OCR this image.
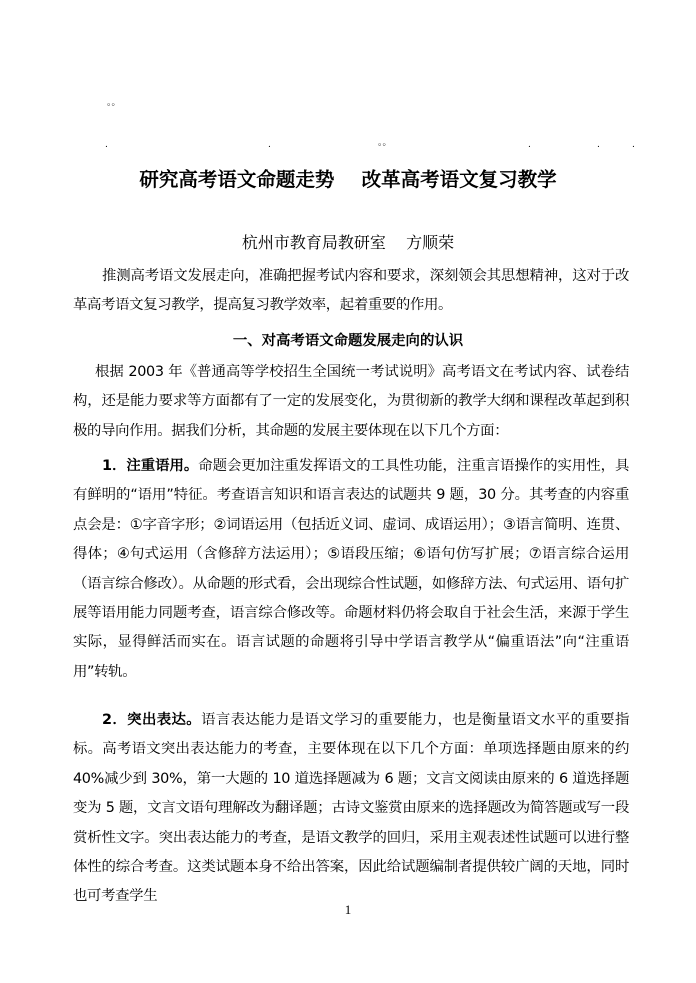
。。
.	.	。。	.	.	.
研究高考语文命题走势    改革高考语文复习教学
杭州市教育局教研室    方顺荣
推测高考语文发展走向，准确把握考试内容和要求，深刻领会其思想精神，这对于改革高考语文复习教学，提高复习教学效率，起着重要的作用。
一、对高考语文命题发展走向的认识
根据 2003 年《普通高等学校招生全国统一考试说明》高考语文在考试内容、试卷结构，还是能力要求等方面都有了一定的发展变化，为贯彻新的教学大纲和课程改革起到积极的导向作用。据我们分析，其命题的发展主要体现在以下几个方面：
1．注重语用。命题会更加注重发挥语文的工具性功能，注重言语操作的实用性，具有鲜明的“语用”特征。考查语言知识和语言表达的试题共 9 题，30 分。其考查的内容重点会是：①字音字形；②词语运用（包括近义词、虚词、成语运用）；③语言简明、连贯、得体；④句式运用（含修辞方法运用）；⑤语段压缩；⑥语句仿写扩展；⑦语言综合运用（语言综合修改）。从命题的形式看，会出现综合性试题，如修辞方法、句式运用、语句扩展等语用能力同题考查，语言综合修改等。命题材料仍将会取自于社会生活，来源于学生实际，显得鲜活而实在。语言试题的命题将引导中学语言教学从“偏重语法”向“注重语用”转轨。
2．突出表达。语言表达能力是语文学习的重要能力，也是衡量语文水平的重要指标。高考语文突出表达能力的考查，主要体现在以下几个方面：单项选择题由原来的约 40%减少到 30%，第一大题的 10 道选择题减为 6 题；文言文阅读由原来的 6 道选择题变为 5 题，文言文语句理解改为翻译题；古诗文鉴赏由原来的选择题改为简答题或写一段赏析性文字。突出表达能力的考查，是语文教学的回归，采用主观表述性试题可以进行整体性的综合考查。这类试题本身不给出答案，因此给试题编制者提供较广阔的天地，同时也可考查学生
1
